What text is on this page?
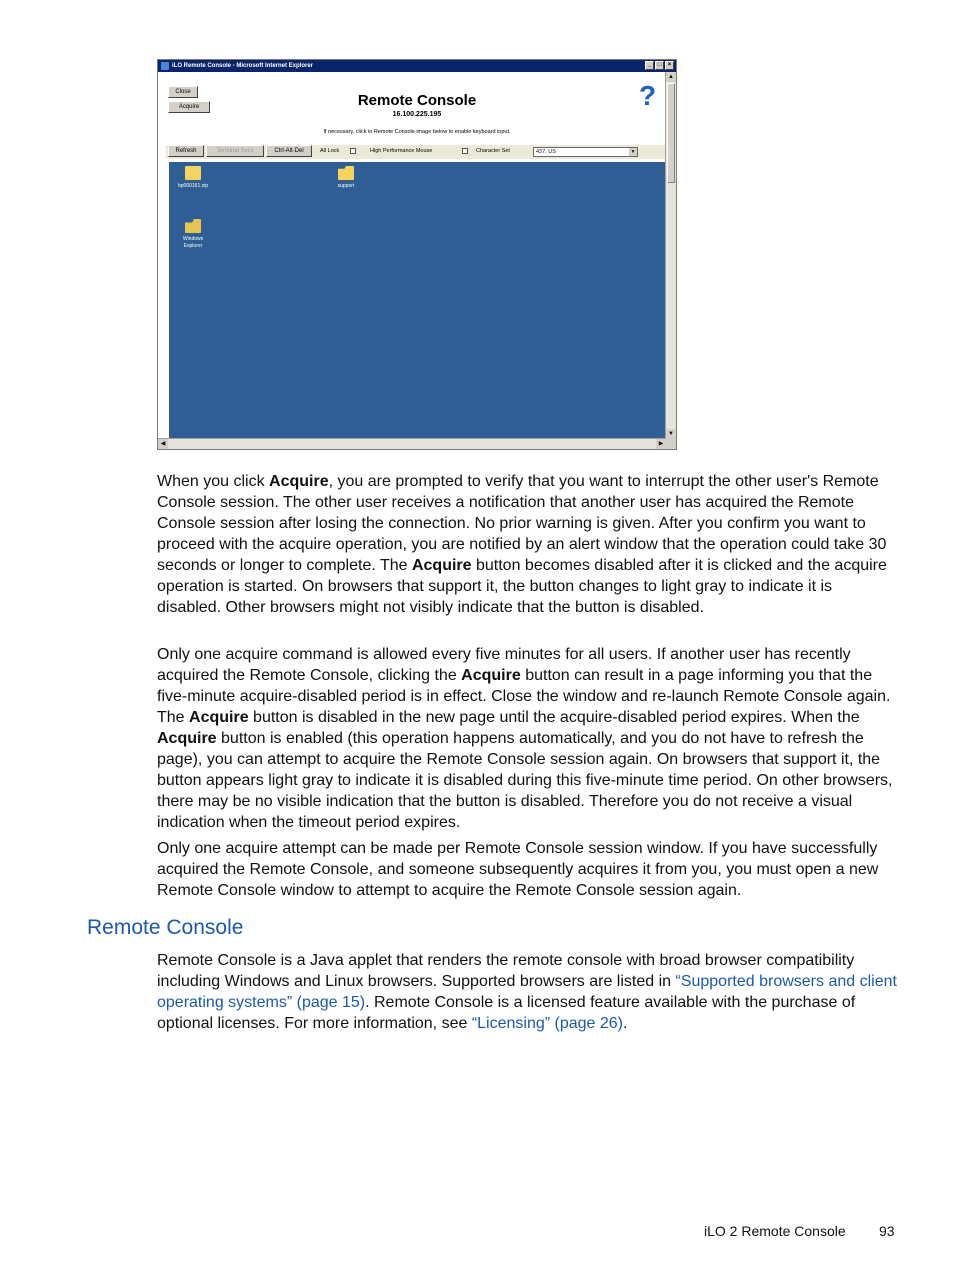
iLO Remote Console - Microsoft Internet Explorer	_	□	×
Close
Acquire	Remote Console
16.100.225.195
If necessary, click in Remote Console image below to enable keyboard input.
?
Refresh	Terminal Svcs	Ctrl-Alt-Del	All Lock	High Performance Mouse	Character Set	437, US	▼
bp000161.zip	support
Windows Explorer
▲
▼
◀	▶

When you click Acquire, you are prompted to verify that you want to interrupt the other user's Remote Console session. The other user receives a notification that another user has acquired the Remote Console session after losing the connection. No prior warning is given. After you confirm you want to proceed with the acquire operation, you are notified by an alert window that the operation could take 30 seconds or longer to complete. The Acquire button becomes disabled after it is clicked and the acquire operation is started. On browsers that support it, the button changes to light gray to indicate it is disabled. Other browsers might not visibly indicate that the button is disabled.

Only one acquire command is allowed every five minutes for all users. If another user has recently acquired the Remote Console, clicking the Acquire button can result in a page informing you that the five-minute acquire-disabled period is in effect. Close the window and re-launch Remote Console again. The Acquire button is disabled in the new page until the acquire-disabled period expires. When the Acquire button is enabled (this operation happens automatically, and you do not have to refresh the page), you can attempt to acquire the Remote Console session again. On browsers that support it, the button appears light gray to indicate it is disabled during this five-minute time period. On other browsers, there may be no visible indication that the button is disabled. Therefore you do not receive a visual indication when the timeout period expires.

Only one acquire attempt can be made per Remote Console session window. If you have successfully acquired the Remote Console, and someone subsequently acquires it from you, you must open a new Remote Console window to attempt to acquire the Remote Console session again.

Remote Console

Remote Console is a Java applet that renders the remote console with broad browser compatibility including Windows and Linux browsers. Supported browsers are listed in “Supported browsers and client operating systems” (page 15). Remote Console is a licensed feature available with the purchase of optional licenses. For more information, see “Licensing” (page 26).

iLO 2 Remote Console 93
